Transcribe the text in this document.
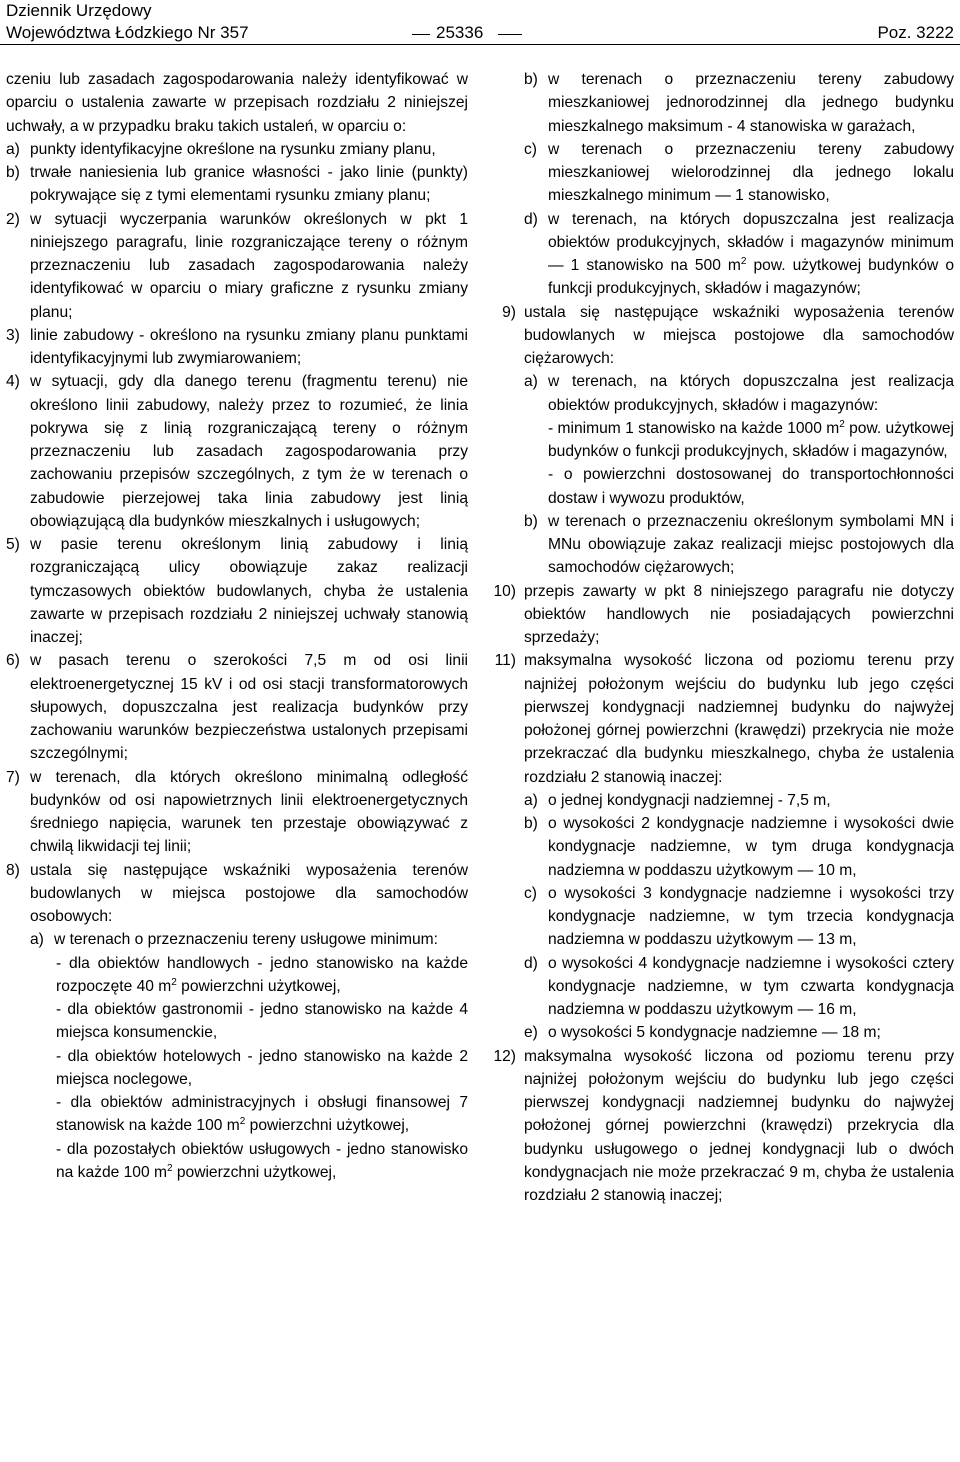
Dziennik Urzędowy
Województwa Łódzkiego Nr 357	25336	Poz. 3222

czeniu lub zasadach zagospodarowania należy identyfikować w oparciu o ustalenia zawarte w przepisach rozdziału 2 niniejszej uchwały, a w przypadku braku takich ustaleń, w oparciu o:

a) punkty identyfikacyjne określone na rysunku zmiany planu,

b) trwałe naniesienia lub granice własności - jako linie (punkty) pokrywające się z tymi elementami rysunku zmiany planu;

2) w sytuacji wyczerpania warunków określonych w pkt 1 niniejszego paragrafu, linie rozgraniczające tereny o różnym przeznaczeniu lub zasadach zagospodarowania należy identyfikować w oparciu o miary graficzne z rysunku zmiany planu;

3) linie zabudowy - określono na rysunku zmiany planu punktami identyfikacyjnymi lub zwymiarowaniem;

4) w sytuacji, gdy dla danego terenu (fragmentu terenu) nie określono linii zabudowy, należy przez to rozumieć, że linia pokrywa się z linią rozgraniczającą tereny o różnym przeznaczeniu lub zasadach zagospodarowania przy zachowaniu przepisów szczególnych, z tym że w terenach o zabudowie pierzejowej taka linia zabudowy jest linią obowiązującą dla budynków mieszkalnych i usługowych;

5) w pasie terenu określonym linią zabudowy i linią rozgraniczającą ulicy obowiązuje zakaz realizacji tymczasowych obiektów budowlanych, chyba że ustalenia zawarte w przepisach rozdziału 2 niniejszej uchwały stanowią inaczej;

6) w pasach terenu o szerokości 7,5 m od osi linii elektroenergetycznej 15 kV i od osi stacji transformatorowych słupowych, dopuszczalna jest realizacja budynków przy zachowaniu warunków bezpieczeństwa ustalonych przepisami szczególnymi;

7) w terenach, dla których określono minimalną odległość budynków od osi napowietrznych linii elektroenergetycznych średniego napięcia, warunek ten przestaje obowiązywać z chwilą likwidacji tej linii;

8) ustala się następujące wskaźniki wyposażenia terenów budowlanych w miejsca postojowe dla samochodów osobowych:

a) w terenach o przeznaczeniu tereny usługowe minimum:

- dla obiektów handlowych - jedno stanowisko na każde rozpoczęte 40 $m^2$ powierzchni użytkowej,

- dla obiektów gastronomii - jedno stanowisko na każde 4 miejsca konsumenckie,

- dla obiektów hotelowych - jedno stanowisko na każde 2 miejsca noclegowe,

- dla obiektów administracyjnych i obsługi finansowej 7 stanowisk na każde 100 $m^2$ powierzchni użytkowej,

- dla pozostałych obiektów usługowych - jedno stanowisko na każde 100 $m^2$ powierzchni użytkowej,

b) w terenach o przeznaczeniu tereny zabudowy mieszkaniowej jednorodzinnej dla jednego budynku mieszkalnego maksimum - 4 stanowiska w garażach,

c) w terenach o przeznaczeniu tereny zabudowy mieszkaniowej wielorodzinnej dla jednego lokalu mieszkalnego minimum — 1 stanowisko,

d) w terenach, na których dopuszczalna jest realizacja obiektów produkcyjnych, składów i magazynów minimum — 1 stanowisko na 500 $m^2$ pow. użytkowej budynków o funkcji produkcyjnych, składów i magazynów;

9) ustala się następujące wskaźniki wyposażenia terenów budowlanych w miejsca postojowe dla samochodów ciężarowych:

a) w terenach, na których dopuszczalna jest realizacja obiektów produkcyjnych, składów i magazynów:

- minimum 1 stanowisko na każde 1000 $m^2$ pow. użytkowej budynków o funkcji produkcyjnych, składów i magazynów,

- o powierzchni dostosowanej do transportochłonności dostaw i wywozu produktów,

b) w terenach o przeznaczeniu określonym symbolami MN i MNu obowiązuje zakaz realizacji miejsc postojowych dla samochodów ciężarowych;

10) przepis zawarty w pkt 8 niniejszego paragrafu nie dotyczy obiektów handlowych nie posiadających powierzchni sprzedaży;

11) maksymalna wysokość liczona od poziomu terenu przy najniżej położonym wejściu do budynku lub jego części pierwszej kondygnacji nadziemnej budynku do najwyżej położonej górnej powierzchni (krawędzi) przekrycia nie może przekraczać dla budynku mieszkalnego, chyba że ustalenia rozdziału 2 stanowią inaczej:

a) o jednej kondygnacji nadziemnej - 7,5 m,

b) o wysokości 2 kondygnacje nadziemne i wysokości dwie kondygnacje nadziemne, w tym druga kondygnacja nadziemna w poddaszu użytkowym — 10 m,

c) o wysokości 3 kondygnacje nadziemne i wysokości trzy kondygnacje nadziemne, w tym trzecia kondygnacja nadziemna w poddaszu użytkowym — 13 m,

d) o wysokości 4 kondygnacje nadziemne i wysokości cztery kondygnacje nadziemne, w tym czwarta kondygnacja nadziemna w poddaszu użytkowym — 16 m,

e) o wysokości 5 kondygnacje nadziemne — 18 m;

12) maksymalna wysokość liczona od poziomu terenu przy najniżej położonym wejściu do budynku lub jego części pierwszej kondygnacji nadziemnej budynku do najwyżej położonej górnej powierzchni (krawędzi) przekrycia dla budynku usługowego o jednej kondygnacji lub o dwóch kondygnacjach nie może przekraczać 9 m, chyba że ustalenia rozdziału 2 stanowią inaczej;
